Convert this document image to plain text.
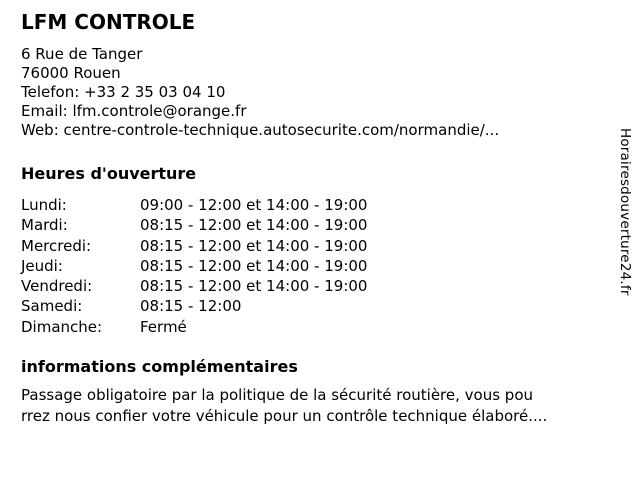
LFM CONTROLE
6 Rue de Tanger
76000 Rouen
Telefon: +33 2 35 03 04 10
Email: lfm.controle@orange.fr
Web: centre-controle-technique.autosecurite.com/normandie/...
Heures d'ouverture
Lundi:	09:00 - 12:00 et 14:00 - 19:00
Mardi:	08:15 - 12:00 et 14:00 - 19:00
Mercredi:	08:15 - 12:00 et 14:00 - 19:00
Jeudi:	08:15 - 12:00 et 14:00 - 19:00
Vendredi:	08:15 - 12:00 et 14:00 - 19:00
Samedi:	08:15 - 12:00
Dimanche:	Fermé
informations complémentaires
Passage obligatoire par la politique de la sécurité routière, vous pou
rrez nous confier votre véhicule pour un contrôle technique élaboré....
Horairesdouverture24.fr
